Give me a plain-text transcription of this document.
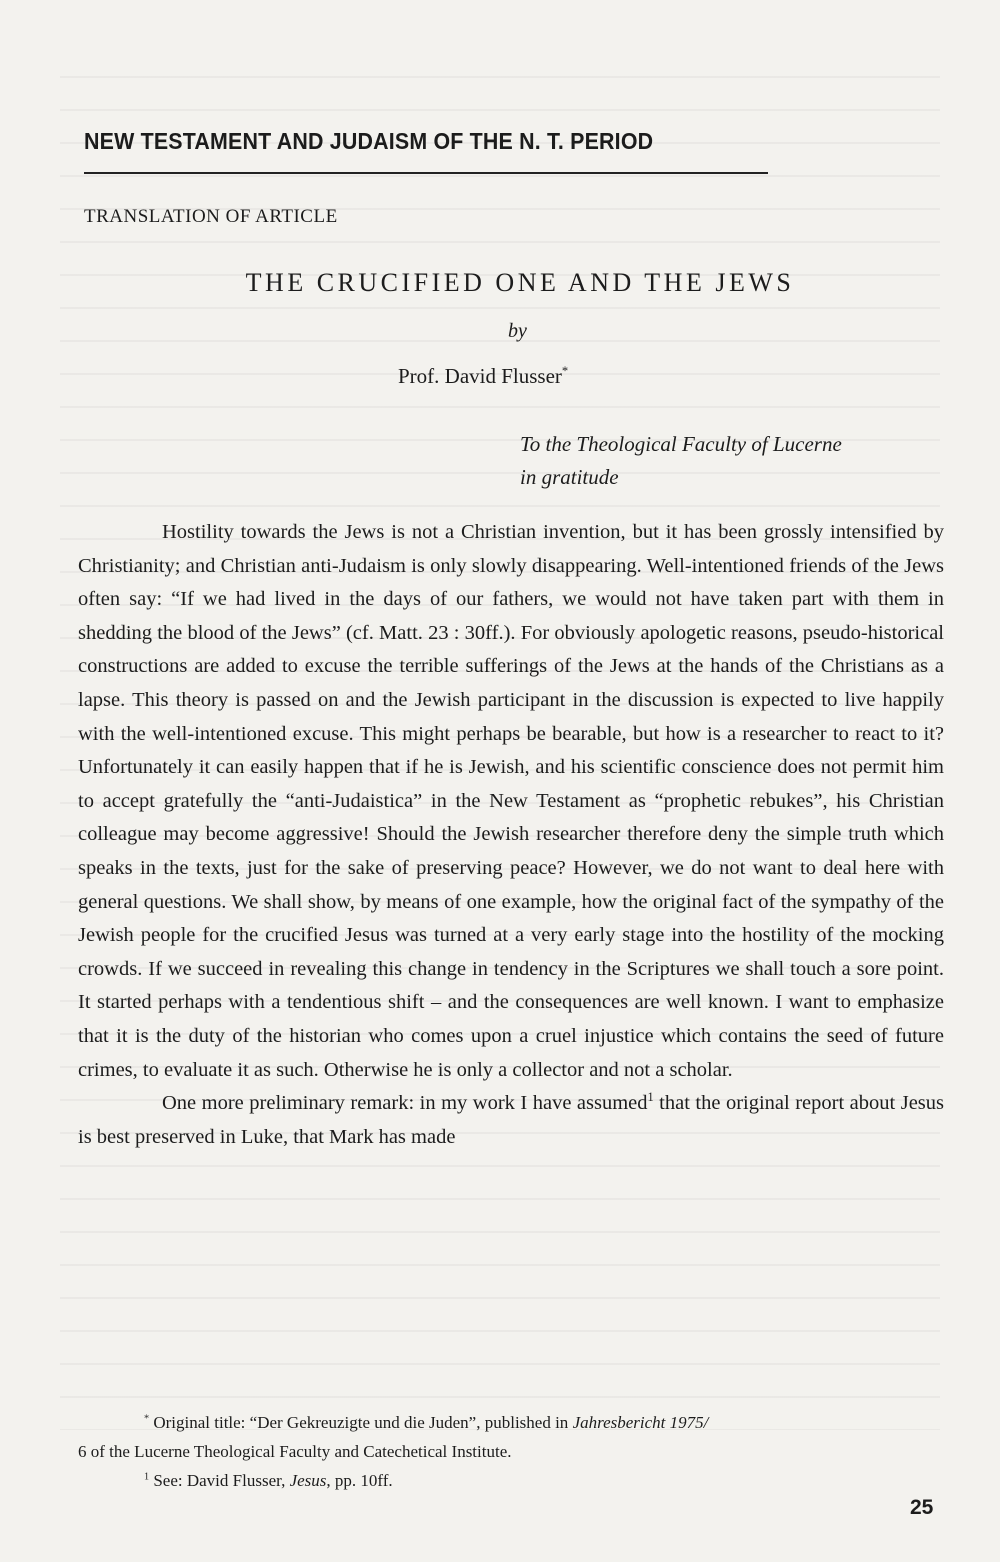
NEW TESTAMENT AND JUDAISM OF THE N. T. PERIOD
TRANSLATION OF ARTICLE
THE CRUCIFIED ONE AND THE JEWS
by
Prof. David Flusser*
To the Theological Faculty of Lucerne
in gratitude

Hostility towards the Jews is not a Christian invention, but it has been grossly intensified by Christianity; and Christian anti-Judaism is only slowly disappearing. Well-intentioned friends of the Jews often say: “If we had lived in the days of our fathers, we would not have taken part with them in shedding the blood of the Jews” (cf. Matt. 23 : 30ff.). For obviously apologetic reasons, pseudo-historical constructions are added to excuse the terrible sufferings of the Jews at the hands of the Christians as a lapse. This theory is passed on and the Jewish participant in the discussion is expected to live happily with the well-intentioned excuse. This might perhaps be bearable, but how is a researcher to react to it? Unfortunately it can easily happen that if he is Jewish, and his scientific conscience does not permit him to accept gratefully the “anti-Judaistica” in the New Testament as “prophetic rebukes”, his Christian colleague may become aggressive! Should the Jewish researcher therefore deny the simple truth which speaks in the texts, just for the sake of preserving peace? However, we do not want to deal here with general questions. We shall show, by means of one example, how the original fact of the sympathy of the Jewish people for the crucified Jesus was turned at a very early stage into the hostility of the mocking crowds. If we succeed in revealing this change in tendency in the Scriptures we shall touch a sore point. It started perhaps with a tendentious shift – and the consequences are well known. I want to emphasize that it is the duty of the historian who comes upon a cruel injustice which contains the seed of future crimes, to evaluate it as such. Otherwise he is only a collector and not a scholar.

One more preliminary remark: in my work I have assumed$^1$ that the original report about Jesus is best preserved in Luke, that Mark has made

* Original title: “Der Gekreuzigte und die Juden”, published in Jahresbericht 1975/
6 of the Lucerne Theological Faculty and Catechetical Institute.

$^1$ See: David Flusser, Jesus, pp. 10ff.

25
